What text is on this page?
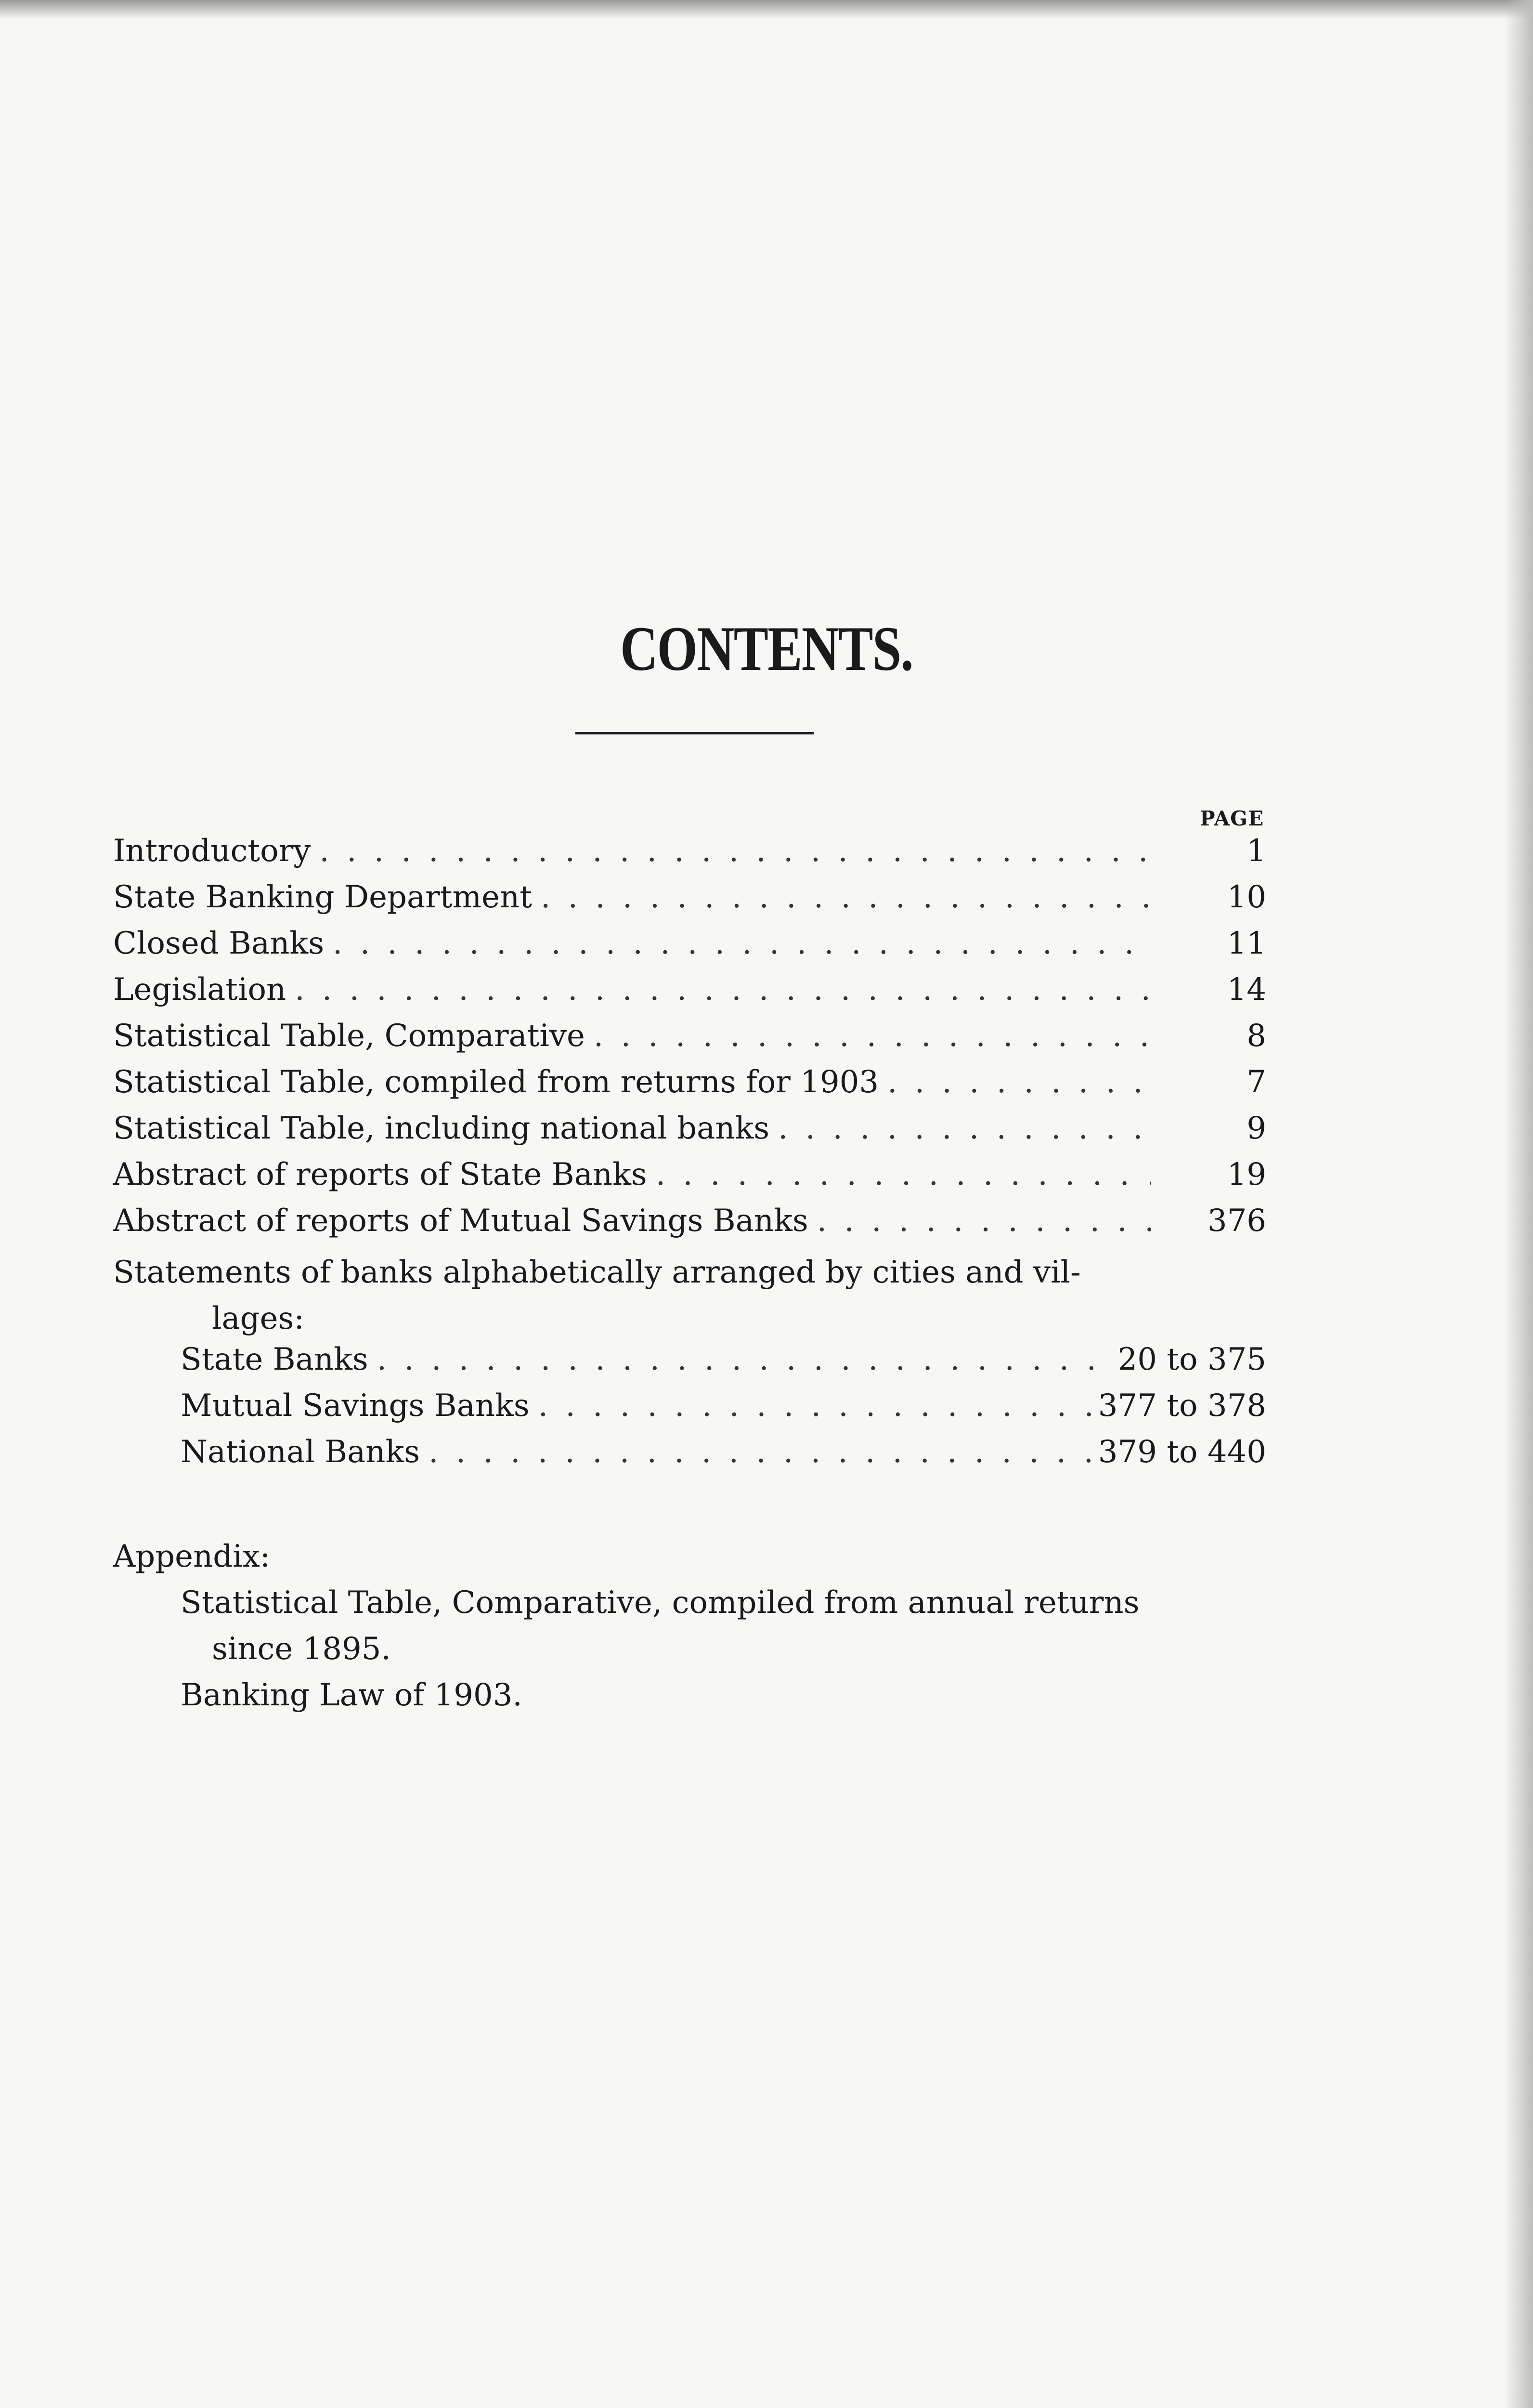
CONTENTS.
PAGE
Introductory . . .	1
State Banking Department . . .	10
Closed Banks . . .	11
Legislation . . .	14
Statistical Table, Comparative . . .	8
Statistical Table, compiled from returns for 1903 . . .	7
Statistical Table, including national banks . . .	9
Abstract of reports of State Banks . . .	19
Abstract of reports of Mutual Savings Banks . . .	376
Statements of banks alphabetically arranged by cities and vil-
lages:
State Banks . . .	20 to 375
Mutual Savings Banks . . .	377 to 378
National Banks . . .	379 to 440
Appendix:
Statistical Table, Comparative, compiled from annual returns
since 1895.
Banking Law of 1903.
